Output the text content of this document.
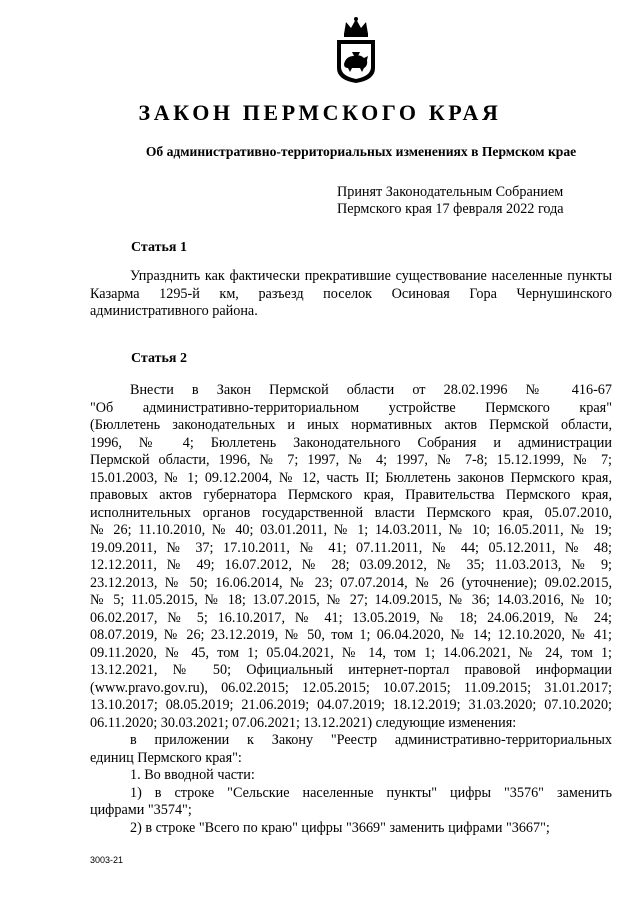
ЗАКОН ПЕРМСКОГО КРАЯ
Об административно-территориальных изменениях в Пермском крае
Принят Законодательным Собранием
Пермского края 17 февраля 2022 года
Статья 1

Упразднить как фактически прекратившие существование населенные пункты Казарма 1295-й км, разъезд поселок Осиновая Гора Чернушинского административного района.

Статья 2
Внести в Закон Пермской области от 28.02.1996 № 416-67
"Об административно-территориальном устройстве Пермского края"
(Бюллетень законодательных и иных нормативных актов Пермской области,
1996, № 4; Бюллетень Законодательного Собрания и администрации
Пермской области, 1996, № 7; 1997, № 4; 1997, № 7-8; 15.12.1999, № 7;
15.01.2003, № 1; 09.12.2004, № 12, часть II; Бюллетень законов Пермского края,
правовых актов губернатора Пермского края, Правительства Пермского края,
исполнительных органов государственной власти Пермского края, 05.07.2010,
№ 26; 11.10.2010, № 40; 03.01.2011, № 1; 14.03.2011, № 10; 16.05.2011, № 19;
19.09.2011, № 37; 17.10.2011, № 41; 07.11.2011, № 44; 05.12.2011, № 48;
12.12.2011, № 49; 16.07.2012, № 28; 03.09.2012, № 35; 11.03.2013, № 9;
23.12.2013, № 50; 16.06.2014, № 23; 07.07.2014, № 26 (уточнение); 09.02.2015,
№ 5; 11.05.2015, № 18; 13.07.2015, № 27; 14.09.2015, № 36; 14.03.2016, № 10;
06.02.2017, № 5; 16.10.2017, № 41; 13.05.2019, № 18; 24.06.2019, № 24;
08.07.2019, № 26; 23.12.2019, № 50, том 1; 06.04.2020, № 14; 12.10.2020, № 41;
09.11.2020, № 45, том 1; 05.04.2021, № 14, том 1; 14.06.2021, № 24, том 1;
13.12.2021, № 50; Официальный интернет-портал правовой информации
(www.pravo.gov.ru), 06.02.2015; 12.05.2015; 10.07.2015; 11.09.2015; 31.01.2017;
13.10.2017; 08.05.2019; 21.06.2019; 04.07.2019; 18.12.2019; 31.03.2020; 07.10.2020;
06.11.2020; 30.03.2021; 07.06.2021; 13.12.2021) следующие изменения:
в приложении к Закону "Реестр административно-территориальных
единиц Пермского края":
1. Во вводной части:
1) в строке "Сельские населенные пункты" цифры "3576" заменить
цифрами "3574";
2) в строке "Всего по краю" цифры "3669" заменить цифрами "3667";
3003-21
